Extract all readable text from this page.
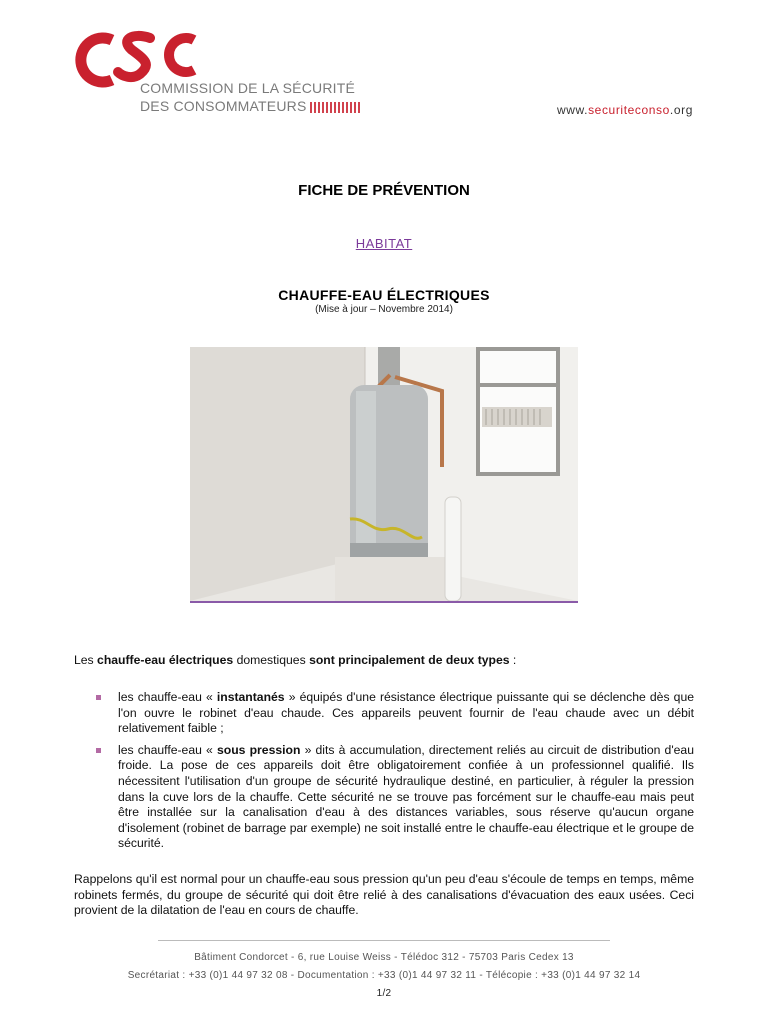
COMMISSION DE LA SÉCURITÉ
DES CONSOMMATEURS	www.securiteconso.org
FICHE DE PRÉVENTION
HABITAT
CHAUFFE-EAU ÉLECTRIQUES
(Mise à jour – Novembre 2014)
Les chauffe-eau électriques domestiques sont principalement de deux types :
les chauffe-eau « instantanés » équipés d'une résistance électrique puissante qui se déclenche dès que l'on ouvre le robinet d'eau chaude. Ces appareils peuvent fournir de l'eau chaude avec un débit relativement faible ;
les chauffe-eau « sous pression » dits à accumulation, directement reliés au circuit de distribution d'eau froide. La pose de ces appareils doit être obligatoirement confiée à un professionnel qualifié. Ils nécessitent l'utilisation d'un groupe de sécurité hydraulique destiné, en particulier, à réguler la pression dans la cuve lors de la chauffe. Cette sécurité ne se trouve pas forcément sur le chauffe-eau mais peut être installée sur la canalisation d'eau à des distances variables, sous réserve qu'aucun organe d'isolement (robinet de barrage par exemple) ne soit installé entre le chauffe-eau électrique et le groupe de sécurité.
Rappelons qu'il est normal pour un chauffe-eau sous pression qu'un peu d'eau s'écoule de temps en temps, même robinets fermés, du groupe de sécurité qui doit être relié à des canalisations d'évacuation des eaux usées. Ceci provient de la dilatation de l'eau en cours de chauffe.
Bâtiment Condorcet - 6, rue Louise Weiss - Télédoc 312 - 75703 Paris Cedex 13
Secrétariat : +33 (0)1 44 97 32 08 - Documentation : +33 (0)1 44 97 32 11 - Télécopie : +33 (0)1 44 97 32 14
1/2
